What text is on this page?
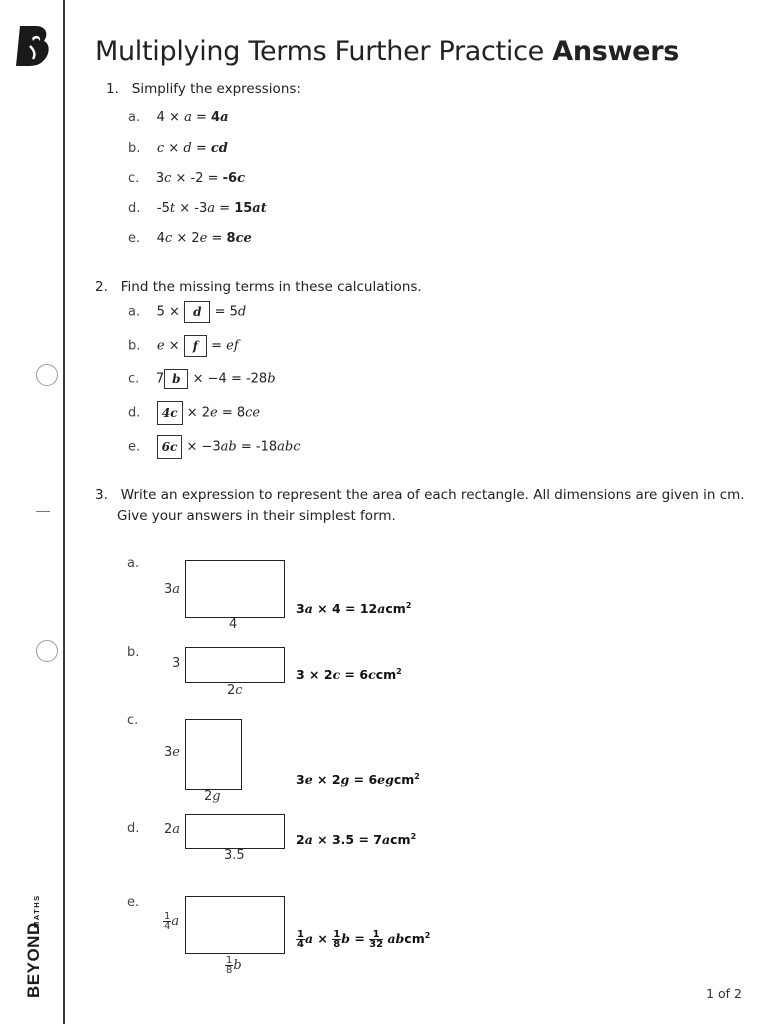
BEYOND
MATHS
Multiplying Terms Further Practice Answers
1. Simplify the expressions:
a. 4 × a = 4a
b. c × d = cd
c. 3c × -2 = -6c
d. -5t × -3a = 15at
e. 4c × 2e = 8ce
2. Find the missing terms in these calculations.
a. 5 × d = 5d
b. e × f = ef
c. 7 b × −4 = -28b
d. 4c × 2e = 8ce
e. 6c × −3ab = -18abc
3. Write an expression to represent the area of each rectangle. All dimensions are given in cm.
Give your answers in their simplest form.
a.
3a
4
3a × 4 = 12acm$^2$
b.
3
2c
3 × 2c = 6ccm$^2$
c.
3e
2g
3e × 2g = 6egcm$^2$
d. 2a
3.5
2a × 3.5 = 7acm$^2$
e.
$\frac{1}{4}$ a
$\frac{1}{8}$ b
$\frac{1}{4}$ $a \times \frac{1}{8}$ $b = \frac{1}{32}$ abcm$^2$
1 of 2
